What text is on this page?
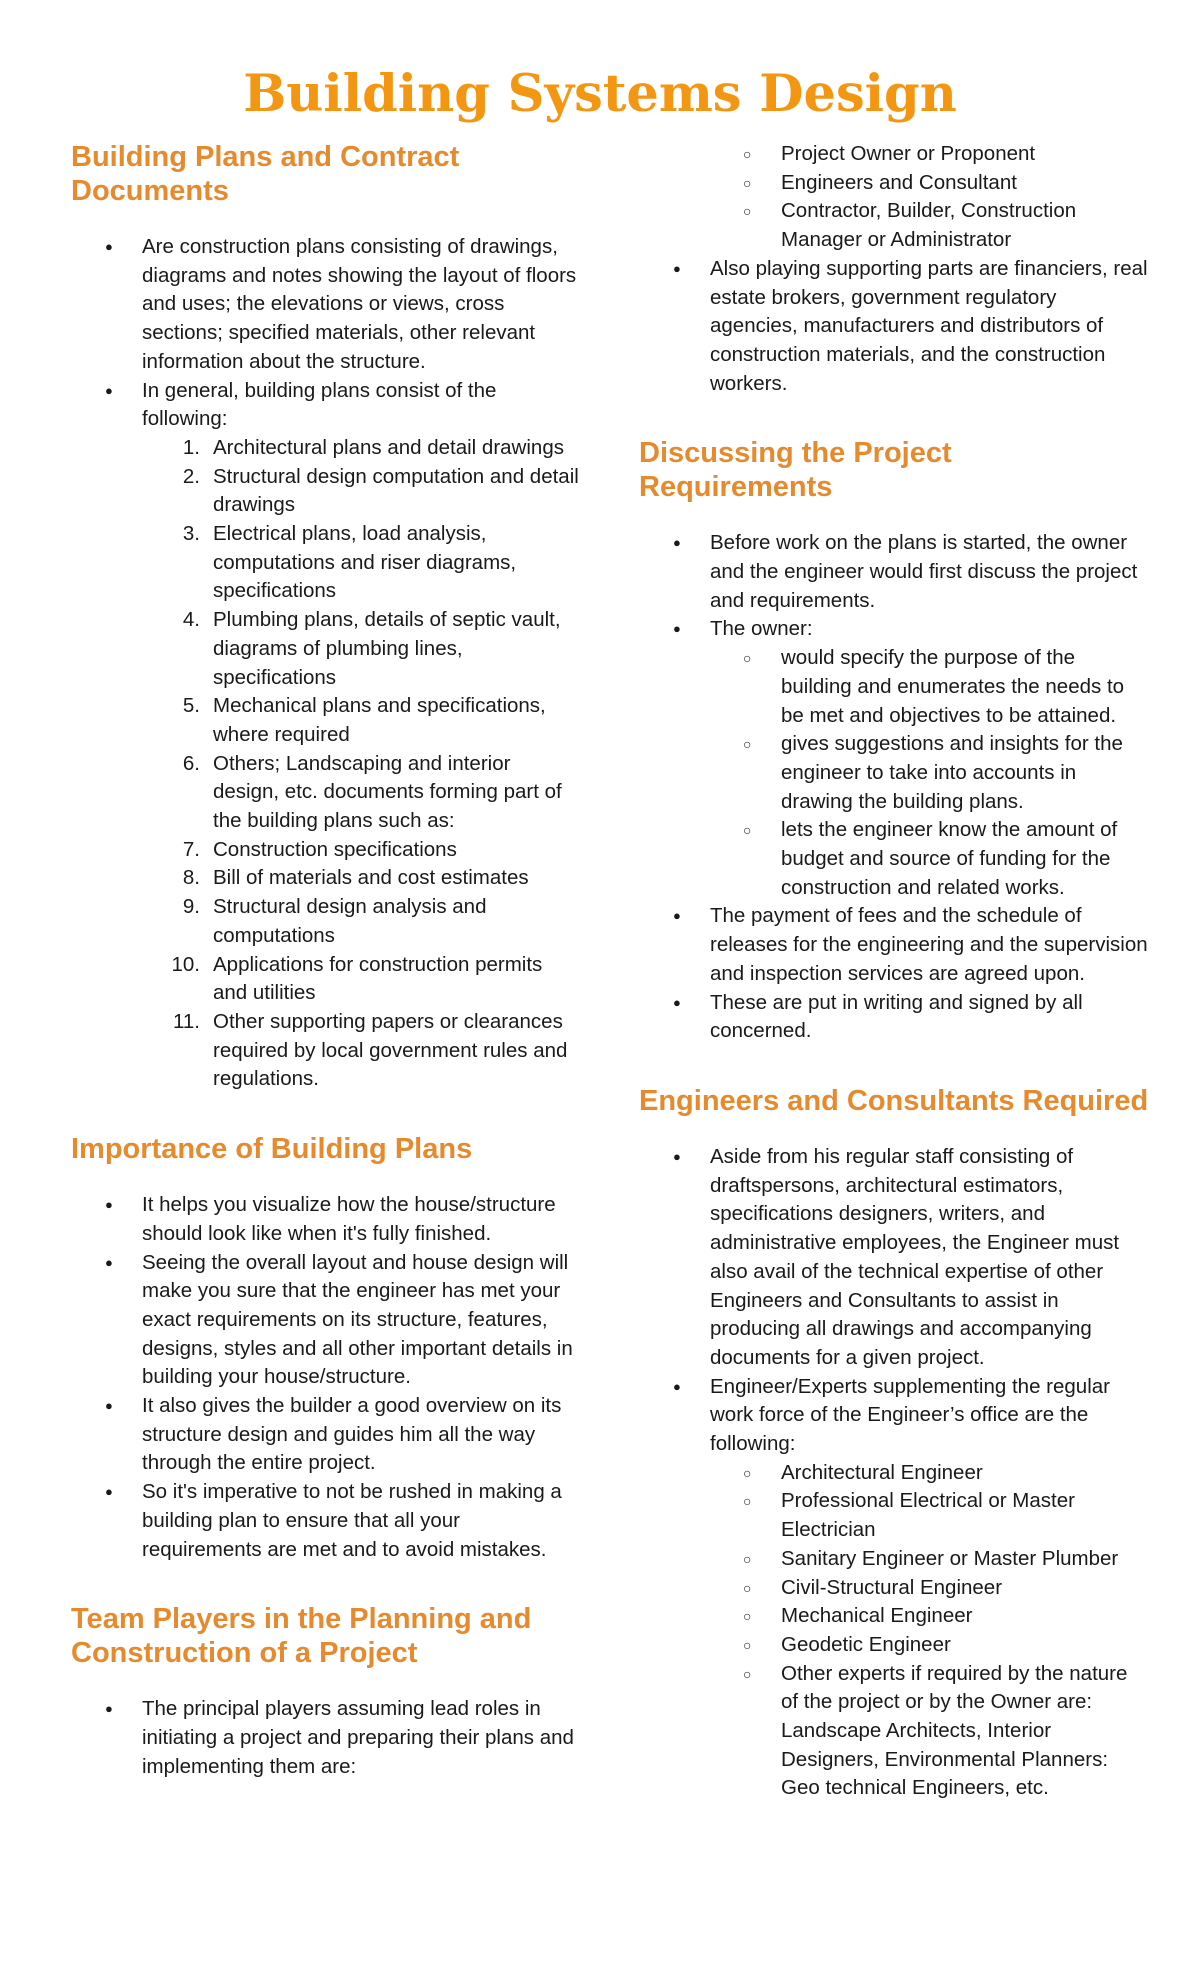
Building Systems Design
Building Plans and Contract Documents
● Are construction plans consisting of drawings, diagrams and notes showing the layout of floors and uses; the elevations or views, cross sections; specified materials, other relevant information about the structure.
● In general, building plans consist of the following:
1. Architectural plans and detail drawings
2. Structural design computation and detail drawings
3. Electrical plans, load analysis, computations and riser diagrams, specifications
4. Plumbing plans, details of septic vault, diagrams of plumbing lines, specifications
5. Mechanical plans and specifications, where required
6. Others; Landscaping and interior design, etc. documents forming part of the building plans such as:
7. Construction specifications
8. Bill of materials and cost estimates
9. Structural design analysis and computations
10. Applications for construction permits and utilities
11. Other supporting papers or clearances required by local government rules and regulations.
Importance of Building Plans
● It helps you visualize how the house/structure should look like when it's fully finished.
● Seeing the overall layout and house design will make you sure that the engineer has met your exact requirements on its structure, features, designs, styles and all other important details in building your house/structure.
● It also gives the builder a good overview on its structure design and guides him all the way through the entire project.
● So it's imperative to not be rushed in making a building plan to ensure that all your requirements are met and to avoid mistakes.
Team Players in the Planning and Construction of a Project
● The principal players assuming lead roles in initiating a project and preparing their plans and implementing them are:
○ Project Owner or Proponent
○ Engineers and Consultant
○ Contractor, Builder, Construction Manager or Administrator
● Also playing supporting parts are financiers, real estate brokers, government regulatory agencies, manufacturers and distributors of construction materials, and the construction workers.
Discussing the Project Requirements
● Before work on the plans is started, the owner and the engineer would first discuss the project and requirements.
● The owner:
○ would specify the purpose of the building and enumerates the needs to be met and objectives to be attained.
○ gives suggestions and insights for the engineer to take into accounts in drawing the building plans.
○ lets the engineer know the amount of budget and source of funding for the construction and related works.
● The payment of fees and the schedule of releases for the engineering and the supervision and inspection services are agreed upon.
● These are put in writing and signed by all concerned.
Engineers and Consultants Required
● Aside from his regular staff consisting of draftspersons, architectural estimators, specifications designers, writers, and administrative employees, the Engineer must also avail of the technical expertise of other Engineers and Consultants to assist in producing all drawings and accompanying documents for a given project.
● Engineer/Experts supplementing the regular work force of the Engineer’s office are the following:
○ Architectural Engineer
○ Professional Electrical or Master Electrician
○ Sanitary Engineer or Master Plumber
○ Civil-Structural Engineer
○ Mechanical Engineer
○ Geodetic Engineer
○ Other experts if required by the nature of the project or by the Owner are: Landscape Architects, Interior Designers, Environmental Planners: Geo technical Engineers, etc.
